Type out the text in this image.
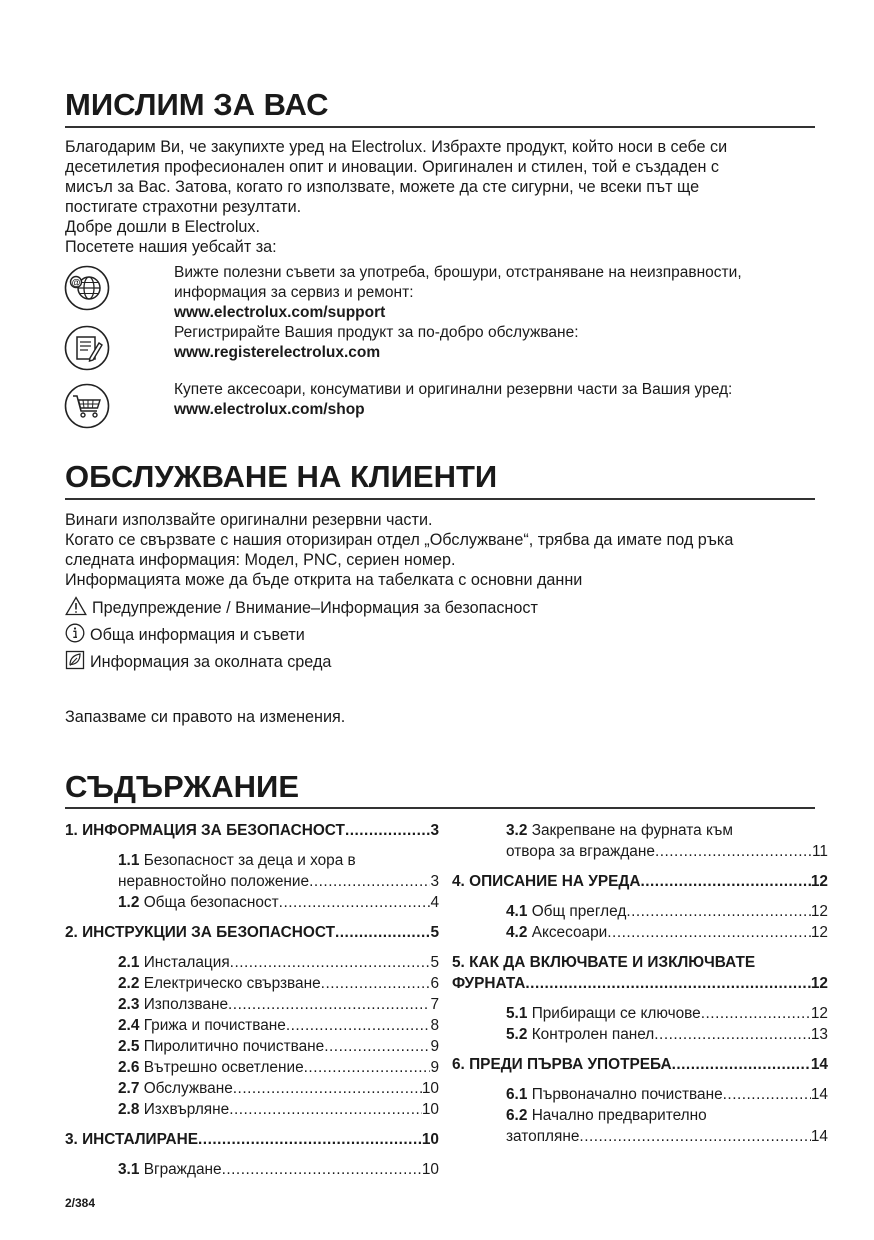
МИСЛИМ ЗА ВАС
Благодарим Ви, че закупихте уред на Electrolux. Избрахте продукт, който носи в себе си
десетилетия професионален опит и иновации. Оригинален и стилен, той е създаден с
мисъл за Вас. Затова, когато го използвате, можете да сте сигурни, че всеки път ще
постигате страхотни резултати.
Добре дошли в Electrolux.
Посетете нашия уебсайт за:
@
Вижте полезни съвети за употреба, брошури, отстраняване на неизправности,
информация за сервиз и ремонт:
www.electrolux.com/support
Регистрирайте Вашия продукт за по-добро обслужване:
www.registerelectrolux.com
Купете аксесоари, консумативи и оригинални резервни части за Вашия уред:
www.electrolux.com/shop
ОБСЛУЖВАНЕ НА КЛИЕНТИ
Винаги използвайте оригинални резервни части.
Когато се свързвате с нашия оторизиран отдел „Обслужване“, трябва да имате под ръка
следната информация: Модел, PNC, сериен номер.
Информацията може да бъде открита на табелката с основни данни
Предупреждение / Внимание–Информация за безопасност
Обща информация и съвети
Информация за околната среда
Запазваме си правото на изменения.
СЪДЪРЖАНИЕ
1. ИНФОРМАЦИЯ ЗА БЕЗОПАСНОСТ .....	3
1.1 Безопасност за деца и хора в
неравностойно положение .....	3
1.2 Обща безопасност .....	4
2. ИНСТРУКЦИИ ЗА БЕЗОПАСНОСТ .....	5
2.1 Инсталация .....	5
2.2 Електрическо свързване .....	6
2.3 Използване .....	7
2.4 Грижа и почистване .....	8
2.5 Пиролитично почистване .....	9
2.6 Вътрешно осветление .....	9
2.7 Обслужване .....	10
2.8 Изхвърляне .....	10
3. ИНСТАЛИРАНЕ .....	10
3.1 Вграждане .....	10
3.2 Закрепване на фурната към
отвора за вграждане .....	11
4. ОПИСАНИЕ НА УРЕДА .....	12
4.1 Общ преглед .....	12
4.2 Аксесоари .....	12
5. КАК ДА ВКЛЮЧВАТЕ И ИЗКЛЮЧВАТЕ
ФУРНАТА .....	12
5.1 Прибиращи се ключове .....	12
5.2 Контролен панел .....	13
6. ПРЕДИ ПЪРВА УПОТРЕБА .....	14
6.1 Първоначално почистване .....	14
6.2 Начално предварително
затопляне .....	14
2/384
